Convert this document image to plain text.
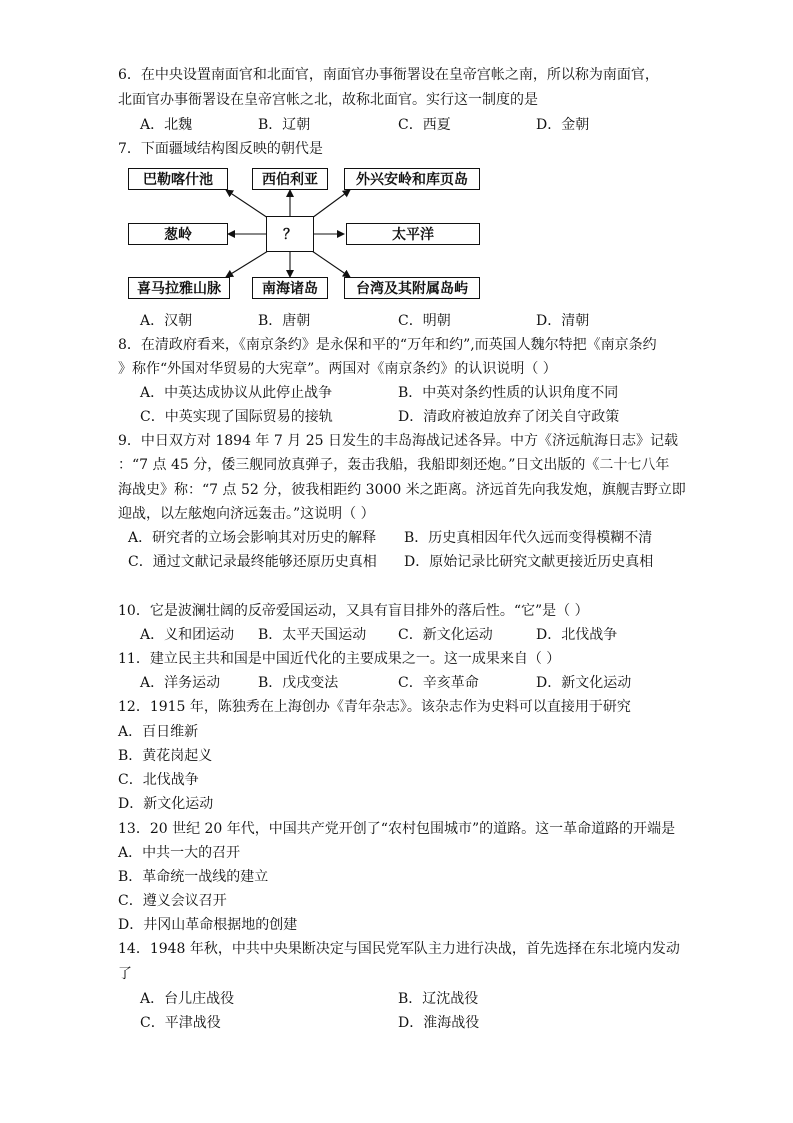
6．在中央设置南面官和北面官，南面官办事衙署设在皇帝宫帐之南，所以称为南面官，
北面官办事衙署设在皇帝宫帐之北，故称北面官。实行这一制度的是
A．北魏	B．辽朝	C．西夏	D．金朝
7．下面疆域结构图反映的朝代是
巴勒喀什池	西伯利亚	外兴安岭和库页岛
葱岭	？	太平洋
喜马拉雅山脉	南海诸岛	台湾及其附属岛屿
A．汉朝	B．唐朝	C．明朝	D．清朝
8．在清政府看来，《南京条约》是永保和平的“万年和约”,而英国人魏尔特把《南京条约
》称作“外国对华贸易的大宪章”。两国对《南京条约》的认识说明（ ）
A．中英达成协议从此停止战争	B．中英对条约性质的认识角度不同
C．中英实现了国际贸易的接轨	D．清政府被迫放弃了闭关自守政策
9．中日双方对 1894 年 7 月 25 日发生的丰岛海战记述各异。中方《济远航海日志》记载
：“7 点 45 分，倭三舰同放真弹子，轰击我船，我船即刻还炮。”日文出版的《二十七八年
海战史》称：“7 点 52 分，彼我相距约 3000 米之距离。济远首先向我发炮，旗舰吉野立即
迎战，以左舷炮向济远轰击。”这说明（ ）
A．研究者的立场会影响其对历史的解释 B．历史真相因年代久远而变得模糊不清
C．通过文献记录最终能够还原历史真相 D．原始记录比研究文献更接近历史真相
10．它是波澜壮阔的反帝爱国运动，又具有盲目排外的落后性。“它”是（ ）
A．义和团运动 B．太平天国运动 C．新文化运动	D．北伐战争
11．建立民主共和国是中国近代化的主要成果之一。这一成果来自（ ）
A．洋务运动	B．戊戌变法	C．辛亥革命	D．新文化运动
12．1915 年，陈独秀在上海创办《青年杂志》。该杂志作为史料可以直接用于研究
A．百日维新
B．黄花岗起义
C．北伐战争
D．新文化运动
13．20 世纪 20 年代，中国共产党开创了“农村包围城市”的道路。这一革命道路的开端是
A．中共一大的召开
B．革命统一战线的建立
C．遵义会议召开
D．井冈山革命根据地的创建
14．1948 年秋，中共中央果断决定与国民党军队主力进行决战，首先选择在东北境内发动
了
A．台儿庄战役	B．辽沈战役
C．平津战役	D．淮海战役
